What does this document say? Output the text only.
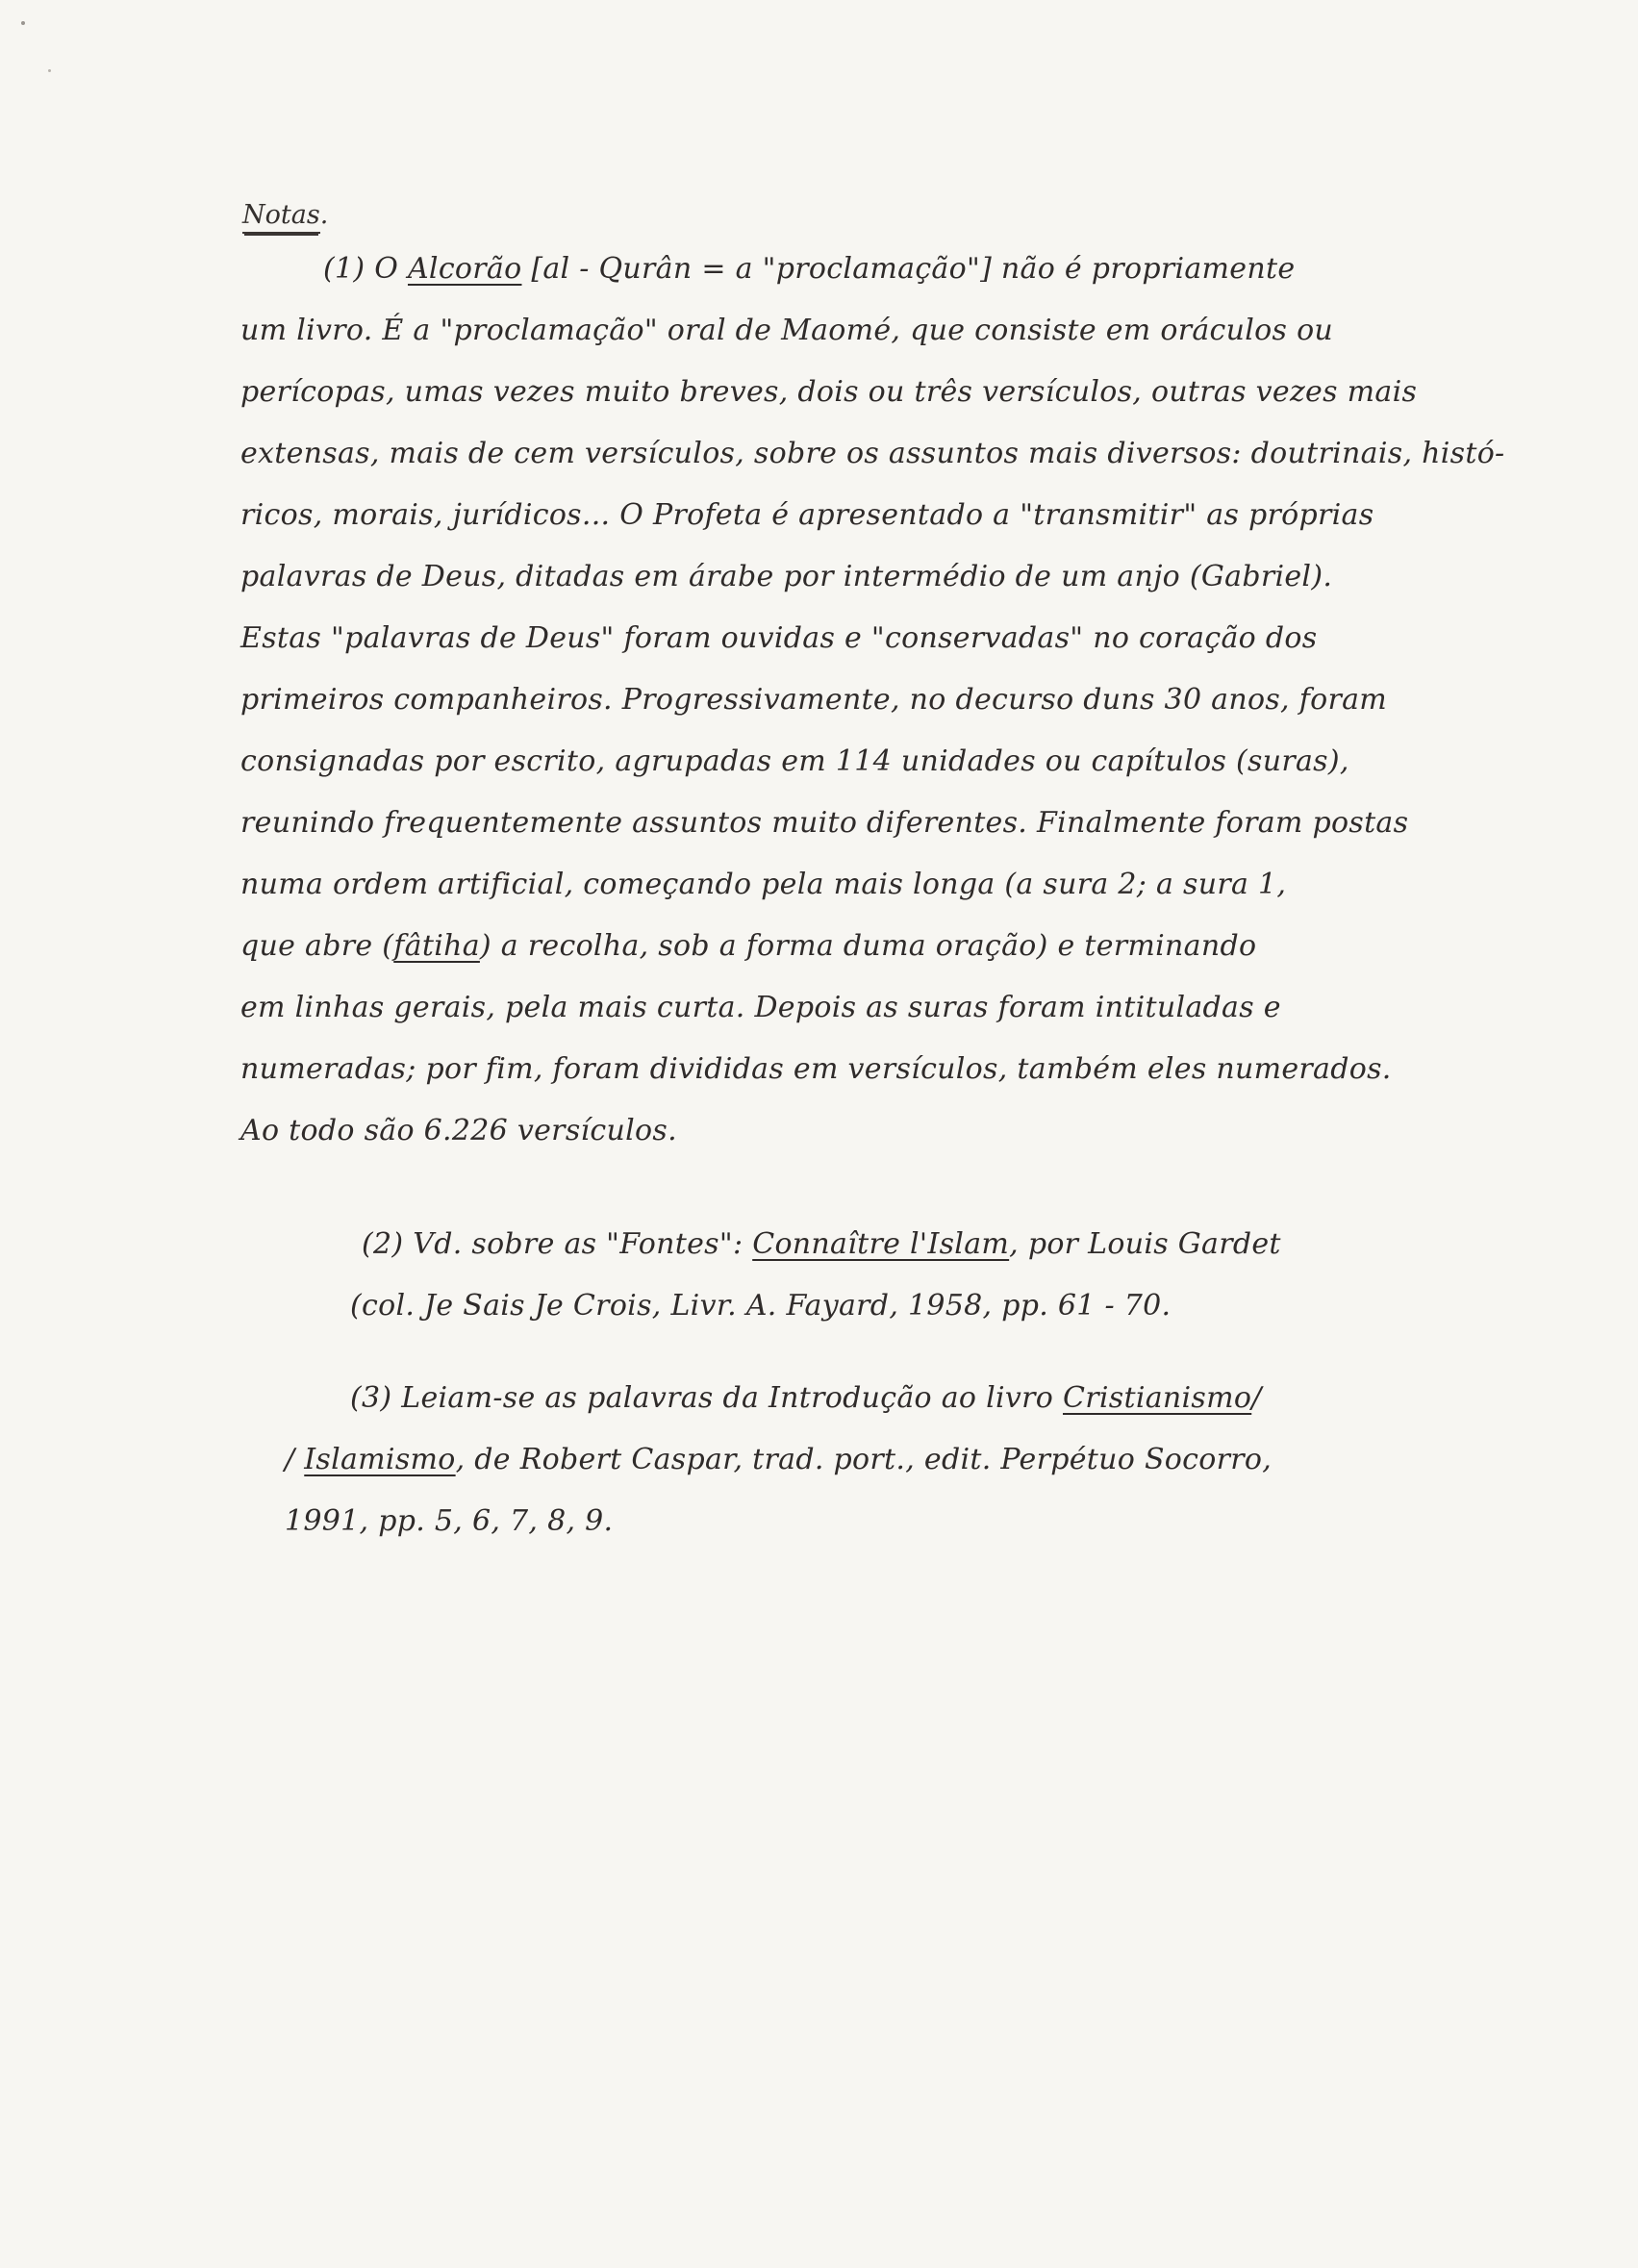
Notas.
(1) O Alcorão [al - Qurân = a "proclamação"] não é propriamente
um livro. É a "proclamação" oral de Maomé, que consiste em oráculos ou
perícopas, umas vezes muito breves, dois ou três versículos, outras vezes mais
extensas, mais de cem versículos, sobre os assuntos mais diversos: doutrinais, histó-
ricos, morais, jurídicos... O Profeta é apresentado a "transmitir" as próprias
palavras de Deus, ditadas em árabe por intermédio de um anjo (Gabriel).
Estas "palavras de Deus" foram ouvidas e "conservadas" no coração dos
primeiros companheiros. Progressivamente, no decurso duns 30 anos, foram
consignadas por escrito, agrupadas em 114 unidades ou capítulos (suras),
reunindo frequentemente assuntos muito diferentes. Finalmente foram postas
numa ordem artificial, começando pela mais longa (a sura 2; a sura 1,
que abre (fâtiha) a recolha, sob a forma duma oração) e terminando
em linhas gerais, pela mais curta. Depois as suras foram intituladas e
numeradas; por fim, foram divididas em versículos, também eles numerados.
Ao todo são 6.226 versículos.
(2) Vd. sobre as "Fontes": Connaître l'Islam, por Louis Gardet
(col. Je Sais Je Crois, Livr. A. Fayard, 1958, pp. 61 - 70.
(3) Leiam-se as palavras da Introdução ao livro Cristianismo/
/ Islamismo, de Robert Caspar, trad. port., edit. Perpétuo Socorro,
1991, pp. 5, 6, 7, 8, 9.
